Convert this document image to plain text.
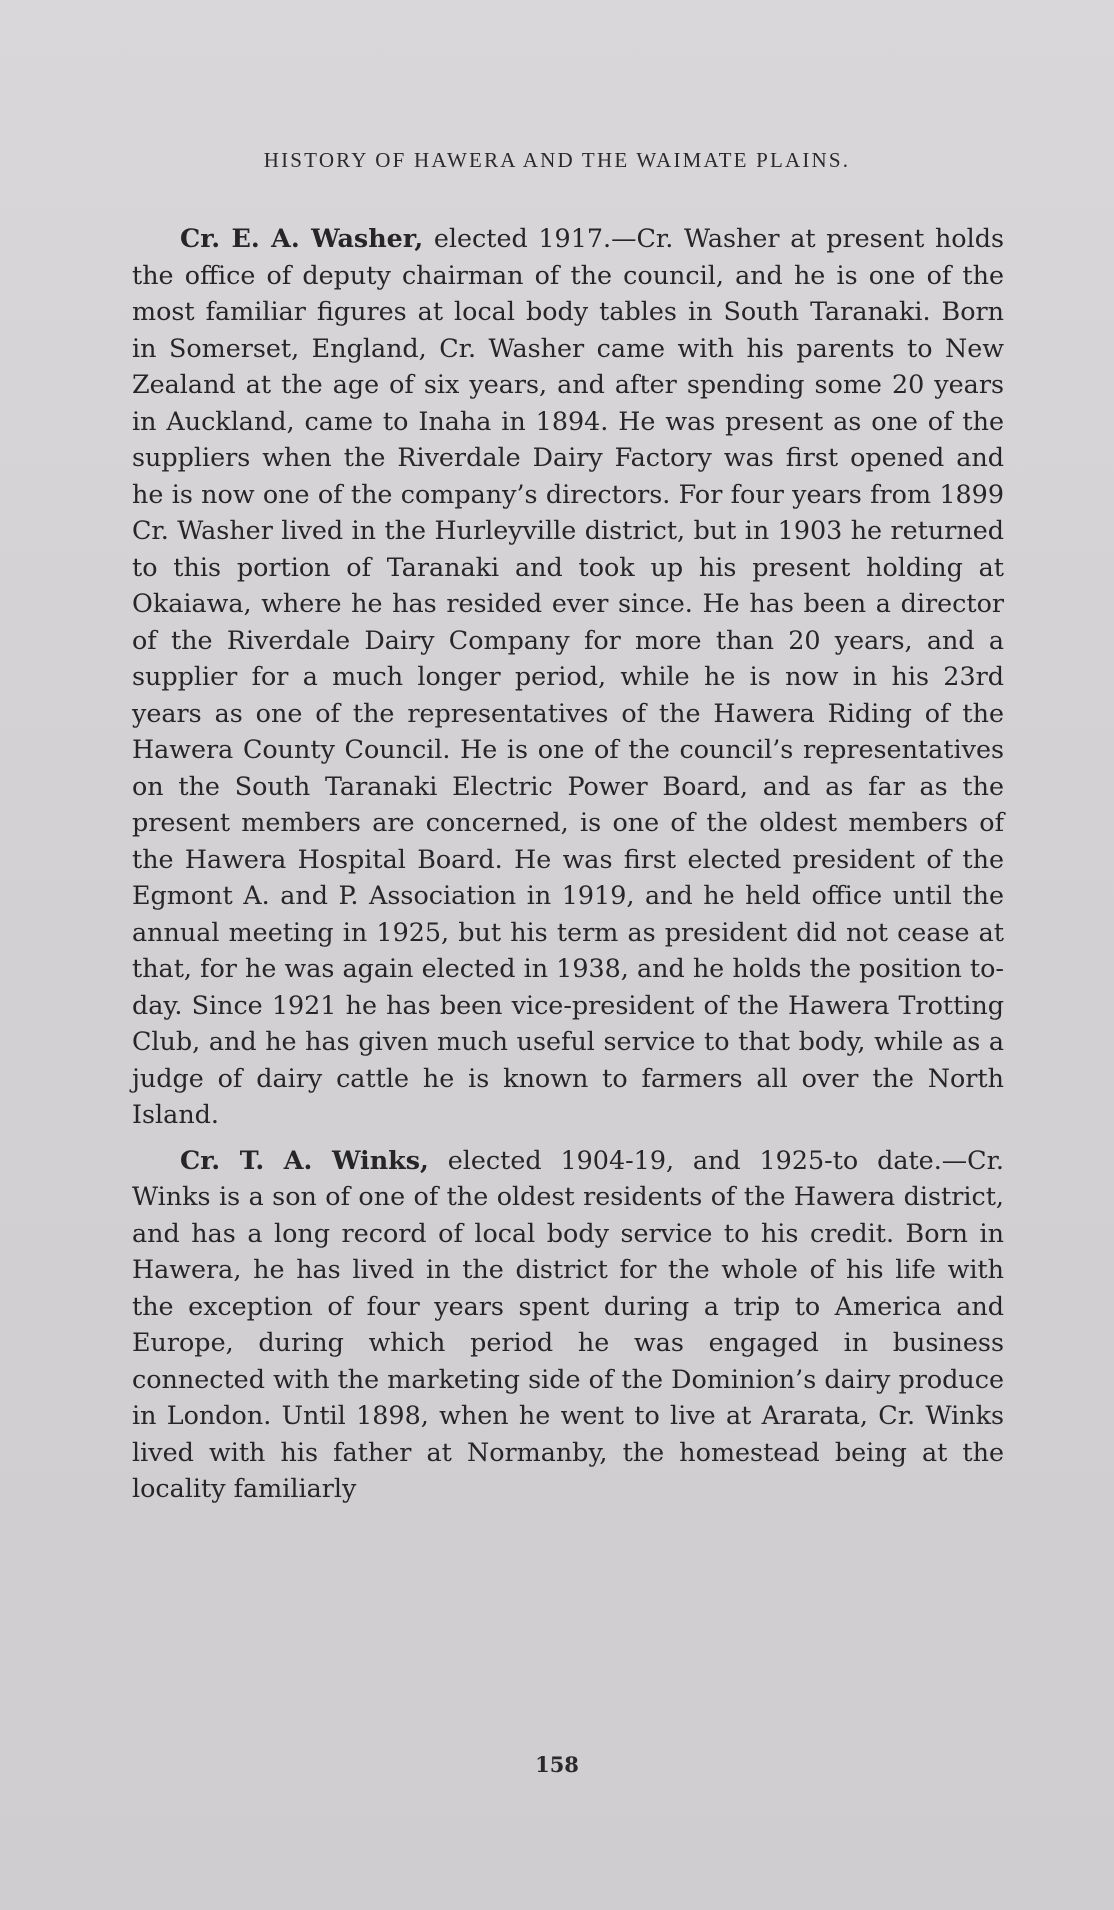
HISTORY OF HAWERA AND THE WAIMATE PLAINS.

Cr. E. A. Washer, elected 1917.—Cr. Washer at present holds the office of deputy chairman of the council, and he is one of the most familiar figures at local body tables in South Taranaki. Born in Somerset, England, Cr. Washer came with his parents to New Zealand at the age of six years, and after spending some 20 years in Auckland, came to Inaha in 1894. He was present as one of the suppliers when the Riverdale Dairy Factory was first opened and he is now one of the company’s directors. For four years from 1899 Cr. Washer lived in the Hurleyville district, but in 1903 he returned to this portion of Taranaki and took up his present holding at Okaiawa, where he has resided ever since. He has been a director of the Riverdale Dairy Company for more than 20 years, and a supplier for a much longer period, while he is now in his 23rd years as one of the representatives of the Hawera Riding of the Hawera County Council. He is one of the council’s representatives on the South Taranaki Electric Power Board, and as far as the present members are concerned, is one of the oldest members of the Hawera Hospital Board. He was first elected president of the Egmont A. and P. Association in 1919, and he held office until the annual meeting in 1925, but his term as president did not cease at that, for he was again elected in 1938, and he holds the position to-day. Since 1921 he has been vice-president of the Hawera Trotting Club, and he has given much useful service to that body, while as a judge of dairy cattle he is known to farmers all over the North Island.

Cr. T. A. Winks, elected 1904-19, and 1925-to date.—Cr. Winks is a son of one of the oldest residents of the Hawera district, and has a long record of local body service to his credit. Born in Hawera, he has lived in the district for the whole of his life with the exception of four years spent during a trip to America and Europe, during which period he was engaged in business connected with the marketing side of the Dominion’s dairy produce in London. Until 1898, when he went to live at Ararata, Cr. Winks lived with his father at Normanby, the homestead being at the locality familiarly

158
